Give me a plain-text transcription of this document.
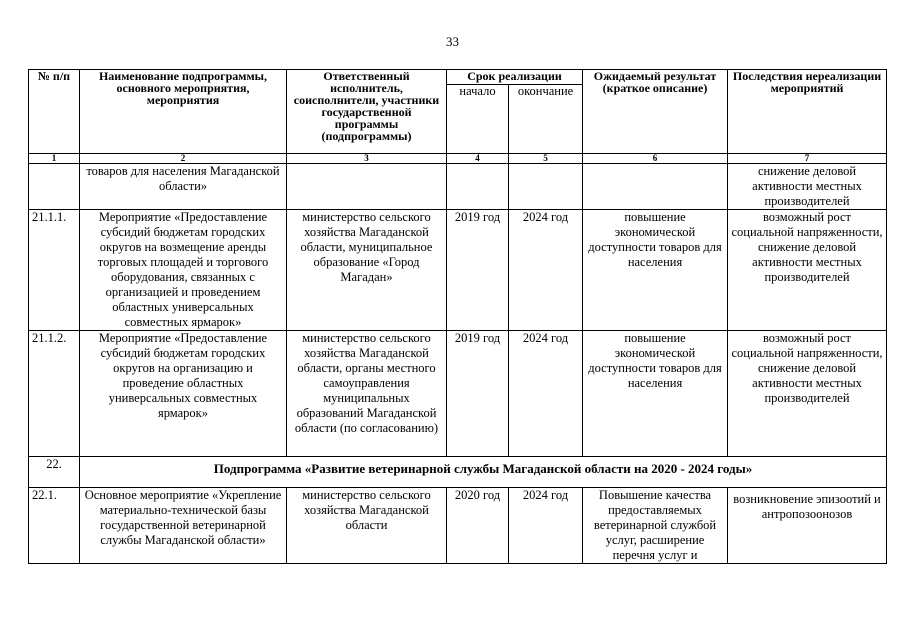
33
№ п/п	Наименование подпрограммы, основного мероприятия, мероприятия	Ответственный исполнитель, соисполнители, участники государственной программы (подпрограммы)	Срок реализации		Ожидаемый результат (краткое описание)	Последствия нереализации мероприятий
			начало	окончание		
1	2	3	4	5	6	7
	товаров для населения Магаданской области»					снижение деловой активности местных производителей
21.1.1.	Мероприятие «Предоставление субсидий бюджетам городских округов на возмещение аренды торговых площадей и торгового оборудования, связанных с организацией и проведением областных универсальных совместных ярмарок»	министерство сельского хозяйства Магаданской области, муниципальное образование «Город Магадан»	2019 год	2024 год	повышение экономической доступности товаров для населения	возможный рост социальной напряженности, снижение деловой активности местных производителей
21.1.2.	Мероприятие «Предоставление субсидий бюджетам городских округов на организацию и проведение областных универсальных совместных ярмарок»	министерство сельского хозяйства Магаданской области, органы местного самоуправления муниципальных образований Магаданской области (по согласованию)	2019 год	2024 год	повышение экономической доступности товаров для населения	возможный рост социальной напряженности, снижение деловой активности местных производителей
22.	Подпрограмма «Развитие ветеринарной службы Магаданской области на 2020 - 2024 годы»					
22.1.	Основное мероприятие «Укрепление материально-технической базы государственной ветеринарной службы Магаданской области»	министерство сельского хозяйства Магаданской области	2020 год	2024 год	Повышение качества предоставляемых ветеринарной службой услуг, расширение перечня услуг и	возникновение эпизоотий и антропозоонозов
